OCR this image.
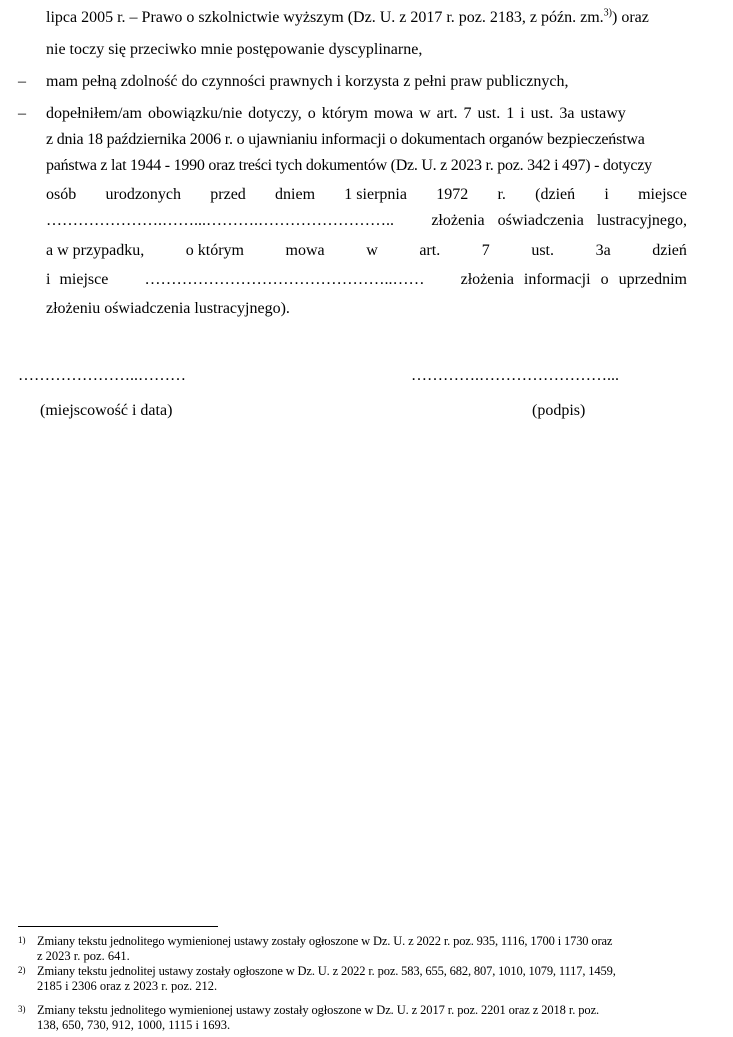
lipca 2005 r. – Prawo o szkolnictwie wyższym (Dz. U. z 2017 r. poz. 2183, z późn. zm.$^{3)}$) oraz
nie toczy się przeciwko mnie postępowanie dyscyplinarne,
– mam pełną zdolność do czynności prawnych i korzysta z pełni praw publicznych,
– dopełniłem/am obowiązku/nie dotyczy, o którym mowa w art. 7 ust. 1 i ust. 3a ustawy
z dnia 18 października 2006 r. o ujawnianiu informacji o dokumentach organów bezpieczeństwa
państwa z lat 1944 - 1990 oraz treści tych dokumentów (Dz. U. z 2023 r. poz. 342 i 497) - dotyczy
osób urodzonych przed dniem 1 sierpnia 1972 r. (dzień i miejsce
………………….……...……….…………………….. złożenia oświadczenia lustracyjnego,
a w przypadku,	o którym	mowa	w	art.	7	ust.	3a	dzień
i miejsce ………………………………………..…… złożenia informacji o uprzednim
złożeniu oświadczenia lustracyjnego).
…………………..………	………….……………………...
(miejscowość i data)	(podpis)
1) Zmiany tekstu jednolitego wymienionej ustawy zostały ogłoszone w Dz. U. z 2022 r. poz. 935, 1116, 1700 i 1730 oraz
z 2023 r. poz. 641.
2) Zmiany tekstu jednolitej ustawy zostały ogłoszone w Dz. U. z 2022 r. poz. 583, 655, 682, 807, 1010, 1079, 1117, 1459,
2185 i 2306 oraz z 2023 r. poz. 212.
3) Zmiany tekstu jednolitego wymienionej ustawy zostały ogłoszone w Dz. U. z 2017 r. poz. 2201 oraz z 2018 r. poz.
138, 650, 730, 912, 1000, 1115 i 1693.
